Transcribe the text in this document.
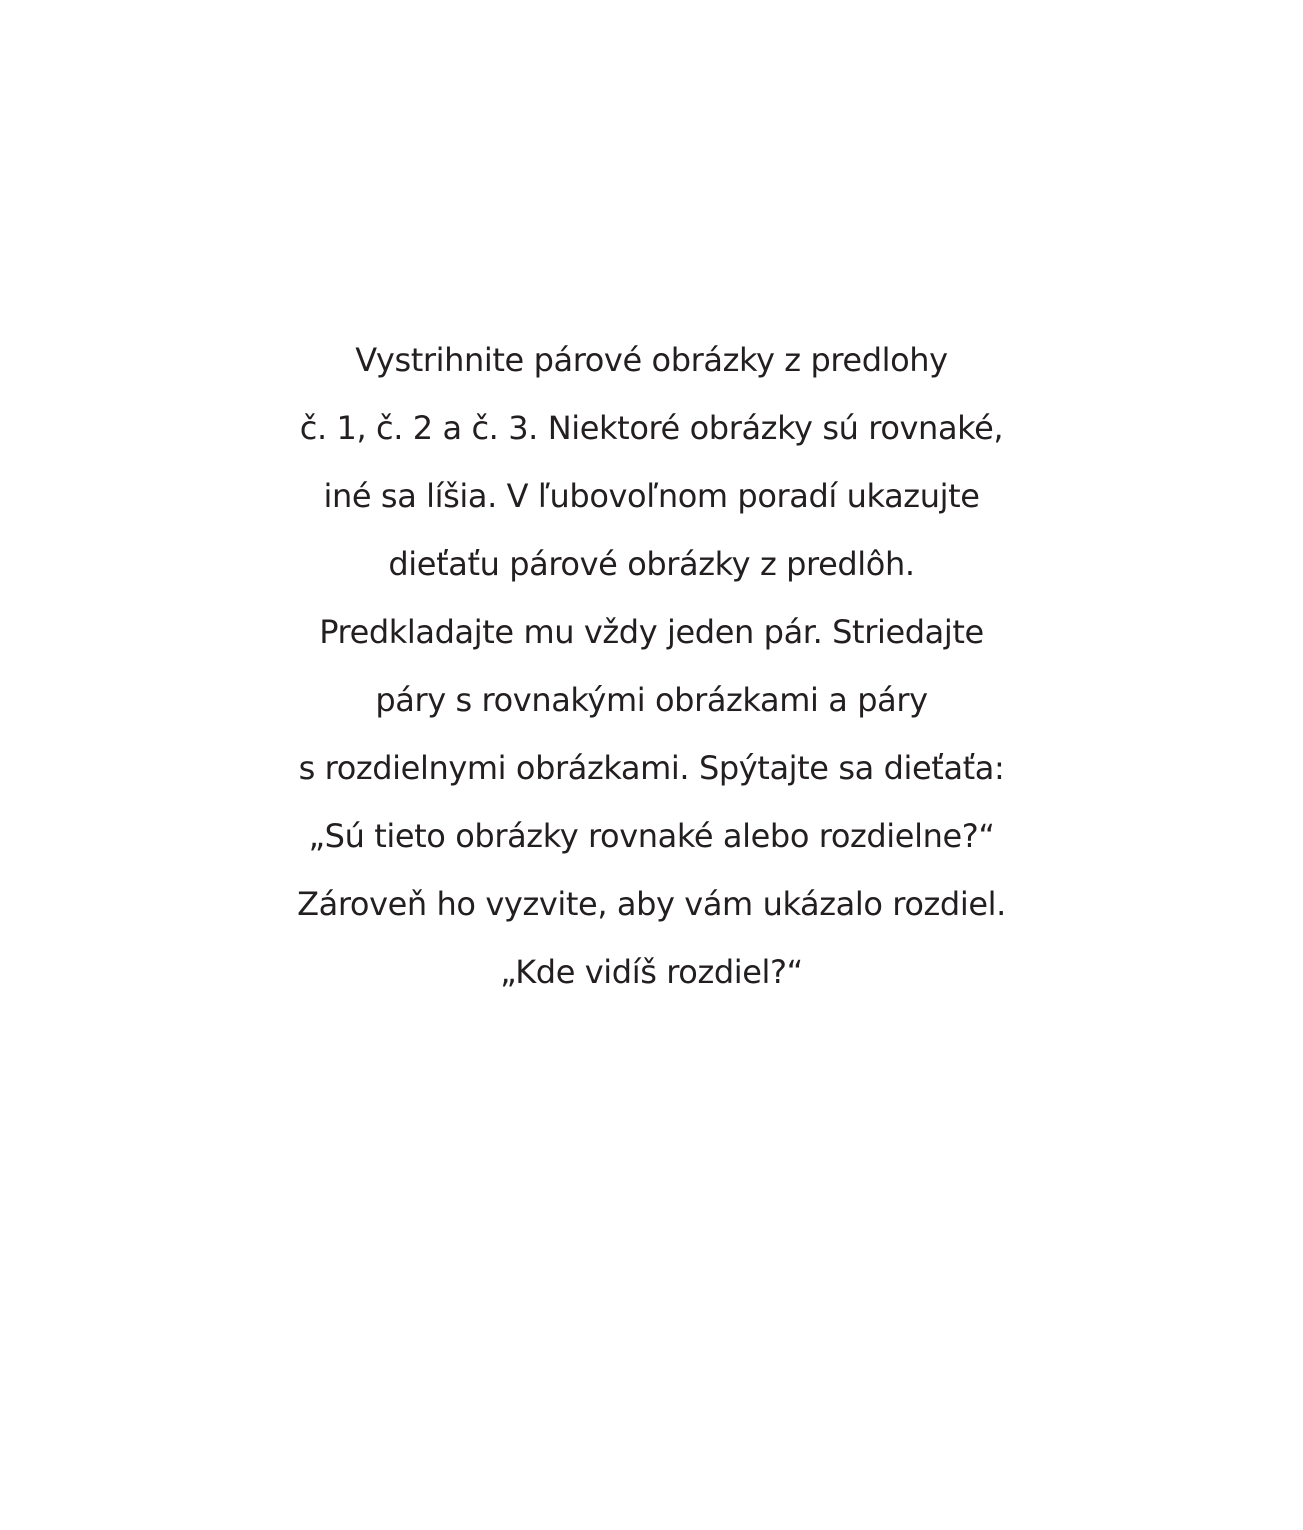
Vystrihnite párové obrázky z predlohy
č. 1, č. 2 a č. 3. Niektoré obrázky sú rovnaké,
iné sa líšia. V ľubovoľnom poradí ukazujte
dieťaťu párové obrázky z predlôh.
Predkladajte mu vždy jeden pár. Striedajte
páry s rovnakými obrázkami a páry
s rozdielnymi obrázkami. Spýtajte sa dieťaťa:
„Sú tieto obrázky rovnaké alebo rozdielne?“
Zároveň ho vyzvite, aby vám ukázalo rozdiel.
„Kde vidíš rozdiel?“
